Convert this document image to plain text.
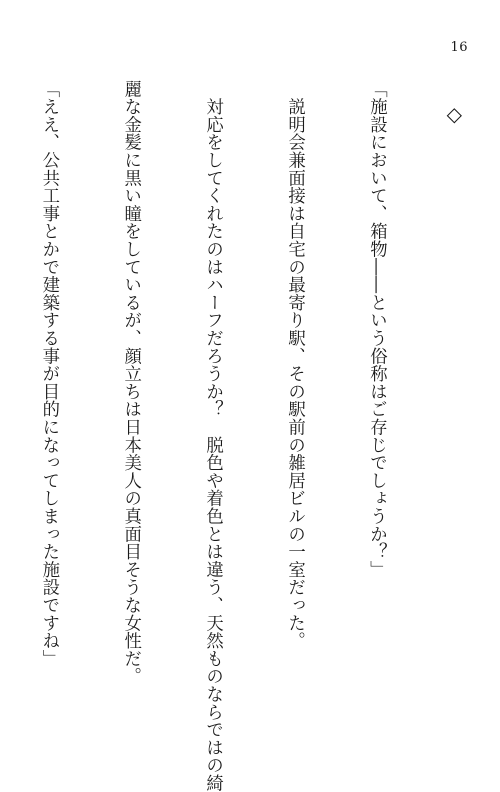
16
◇

「施設において、箱物――という俗称はご存じでしょうか？」

　説明会兼面接は自宅の最寄り駅、その駅前の雑居ビルの一室だった。

　対応をしてくれたのはハーフだろうか？　脱色や着色とは違う、天然ものならではの綺

麗な金髪に黒い瞳をしているが、顔立ちは日本美人の真面目そうな女性だ。

「ええ、公共工事とかで建築する事が目的になってしまった施設ですね」
